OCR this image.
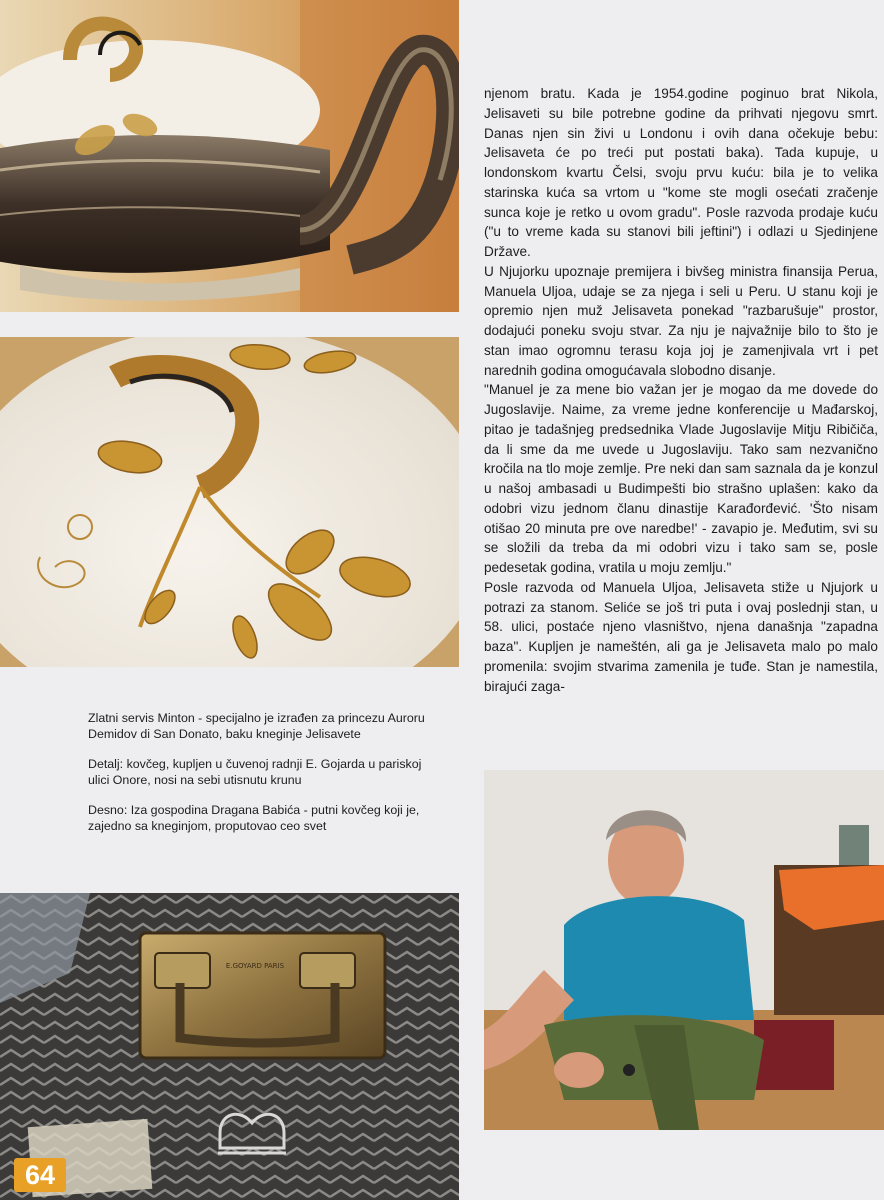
Zlatni servis Minton - specijalno je izrađen za princezu Auroru Demidov di San Donato, baku kneginje Jelisavete

Detalj: kovčeg, kupljen u čuvenoj radnji E. Gojarda u pariskoj ulici Onore, nosi na sebi utisnutu krunu

Desno: Iza gospodina Dragana Babića - putni kovčeg koji je, zajedno sa kneginjom, proputovao ceo svet

E.GOYARD PARIS
64

njenom bratu. Kada je 1954.godine poginuo brat Nikola, Jelisaveti su bile potrebne godine da prihvati njegovu smrt. Danas njen sin živi u Londonu i ovih dana očekuje bebu: Jelisaveta će po treći put postati baka). Tada kupuje, u londonskom kvartu Čelsi, svoju prvu kuću: bila je to velika starinska kuća sa vrtom u "kome ste mogli osećati zračenje sunca koje je retko u ovom gradu". Posle razvoda prodaje kuću ("u to vreme kada su stanovi bili jeftini") i odlazi u Sjedinjene Države.

U Njujorku upoznaje premijera i bivšeg ministra finansija Perua, Manuela Uljoa, udaje se za njega i seli u Peru. U stanu koji je opremio njen muž Jelisaveta ponekad "razbarušuje" prostor, dodajući poneku svoju stvar. Za nju je najvažnije bilo to što je stan imao ogromnu terasu koja joj je zamenjivala vrt i pet narednih godina omogućavala slobodno disanje.

"Manuel je za mene bio važan jer je mogao da me dovede do Jugoslavije. Naime, za vreme jedne konferencije u Mađarskoj, pitao je tadašnjeg predsednika Vlade Jugoslavije Mitju Ribičiča, da li sme da me uvede u Jugoslaviju. Tako sam nezvanično kročila na tlo moje zemlje. Pre neki dan sam saznala da je konzul u našoj ambasadi u Budimpešti bio strašno uplašen: kako da odobri vizu jednom članu dinastije Karađorđević. 'Što nisam otišao 20 minuta pre ove naredbe!' - zavapio je. Međutim, svi su se složili da treba da mi odobri vizu i tako sam se, posle pedesetak godina, vratila u moju zemlju."

Posle razvoda od Manuela Uljoa, Jelisaveta stiže u Njujork u potrazi za stanom. Seliće se još tri puta i ovaj poslednji stan, u 58. ulici, postaće njeno vlasništvo, njena današnja "zapadna baza". Kupljen je nameštén, ali ga je Jelisaveta malo po malo promenila: svojim stvarima zamenila je tuđe. Stan je namestila, birajući zaga-
